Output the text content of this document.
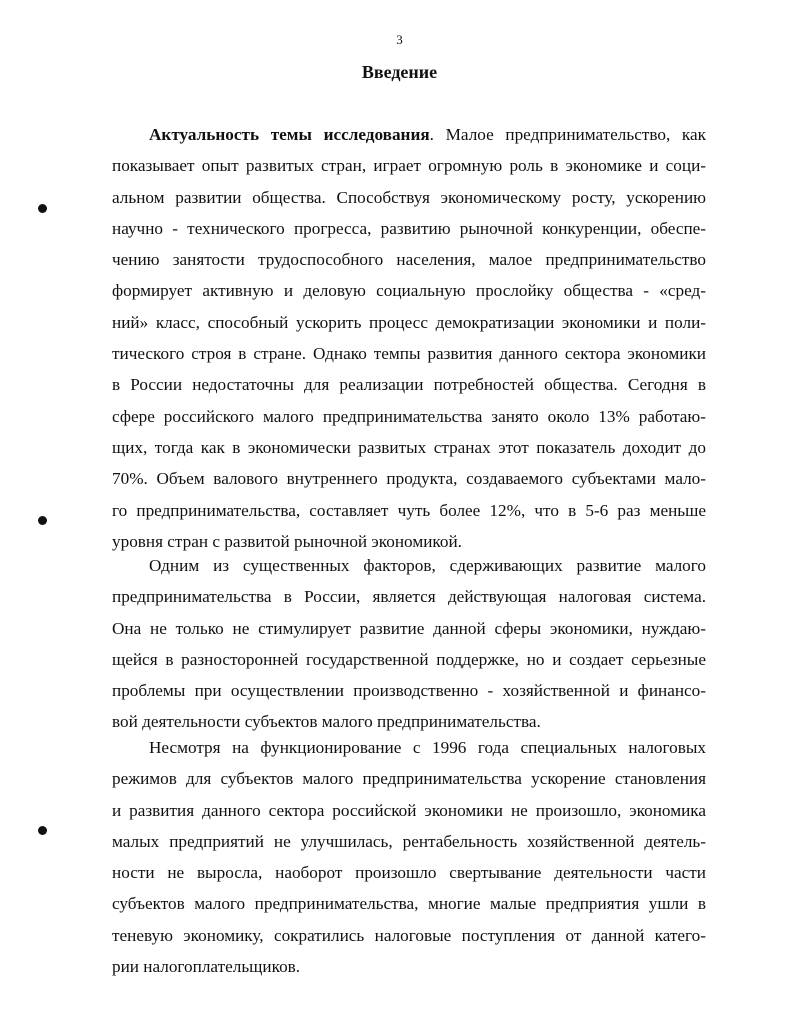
3
Введение
Актуальность темы исследования. Малое предпринимательство, как
показывает опыт развитых стран, играет огромную роль в экономике и соци-
альном развитии общества. Способствуя экономическому росту, ускорению
научно - технического прогресса, развитию рыночной конкуренции, обеспе-
чению занятости трудоспособного населения, малое предпринимательство
формирует активную и деловую социальную прослойку общества - «сред-
ний» класс, способный ускорить процесс демократизации экономики и поли-
тического строя в стране. Однако темпы развития данного сектора экономики
в России недостаточны для реализации потребностей общества. Сегодня в
сфере российского малого предпринимательства занято около 13% работаю-
щих, тогда как в экономически развитых странах этот показатель доходит до
70%. Объем валового внутреннего продукта, создаваемого субъектами мало-
го предпринимательства, составляет чуть более 12%, что в 5-6 раз меньше
уровня стран с развитой рыночной экономикой.
Одним из существенных факторов, сдерживающих развитие малого
предпринимательства в России, является действующая налоговая система.
Она не только не стимулирует развитие данной сферы экономики, нуждаю-
щейся в разносторонней государственной поддержке, но и создает серьезные
проблемы при осуществлении производственно - хозяйственной и финансо-
вой деятельности субъектов малого предпринимательства.
Несмотря на функционирование с 1996 года специальных налоговых
режимов для субъектов малого предпринимательства ускорение становления
и развития данного сектора российской экономики не произошло, экономика
малых предприятий не улучшилась, рентабельность хозяйственной деятель-
ности не выросла, наоборот произошло свертывание деятельности части
субъектов малого предпринимательства, многие малые предприятия ушли в
теневую экономику, сократились налоговые поступления от данной катего-
рии налогоплательщиков.
